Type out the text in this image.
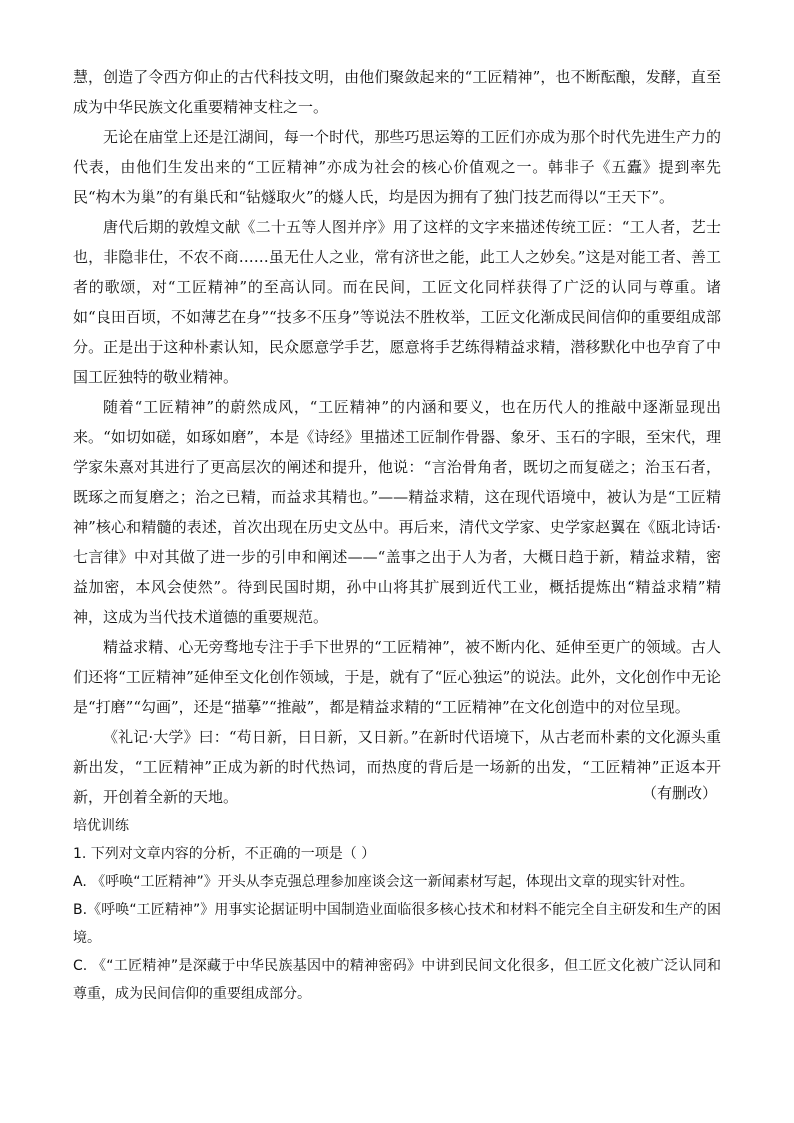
慧，创造了令西方仰止的古代科技文明，由他们聚敛起来的“工匠精神”，也不断酝酿，发酵，直至成为中华民族文化重要精神支柱之一。

无论在庙堂上还是江湖间，每一个时代，那些巧思运筹的工匠们亦成为那个时代先进生产力的代表，由他们生发出来的“工匠精神”亦成为社会的核心价值观之一。韩非子《五蠹》提到率先民“构木为巢”的有巢氏和“钻燧取火”的燧人氏，均是因为拥有了独门技艺而得以“王天下”。

唐代后期的敦煌文献《二十五等人图并序》用了这样的文字来描述传统工匠：“工人者，艺士也，非隐非仕，不农不商……虽无仕人之业，常有济世之能，此工人之妙矣。”这是对能工者、善工者的歌颂，对“工匠精神”的至高认同。而在民间，工匠文化同样获得了广泛的认同与尊重。诸如“良田百顷，不如薄艺在身”“技多不压身”等说法不胜枚举，工匠文化渐成民间信仰的重要组成部分。正是出于这种朴素认知，民众愿意学手艺，愿意将手艺练得精益求精，潜移默化中也孕育了中国工匠独特的敬业精神。

随着“工匠精神”的蔚然成风，“工匠精神”的内涵和要义，也在历代人的推敲中逐渐显现出来。“如切如磋，如琢如磨”，本是《诗经》里描述工匠制作骨器、象牙、玉石的字眼，至宋代，理学家朱熹对其进行了更高层次的阐述和提升，他说：“言治骨角者，既切之而复磋之；治玉石者，既琢之而复磨之；治之已精，而益求其精也。”——精益求精，这在现代语境中，被认为是“工匠精神”核心和精髓的表述，首次出现在历史文丛中。再后来，清代文学家、史学家赵翼在《瓯北诗话·七言律》中对其做了进一步的引申和阐述——“盖事之出于人为者，大概日趋于新，精益求精，密益加密，本风会使然”。待到民国时期，孙中山将其扩展到近代工业，概括提炼出“精益求精”精神，这成为当代技术道德的重要规范。

精益求精、心无旁骛地专注于手下世界的“工匠精神”，被不断内化、延伸至更广的领域。古人们还将“工匠精神”延伸至文化创作领域，于是，就有了“匠心独运”的说法。此外，文化创作中无论是“打磨”“勾画”，还是“描摹”“推敲”，都是精益求精的“工匠精神”在文化创造中的对位呈现。

《礼记·大学》曰：“苟日新，日日新，又日新。”在新时代语境下，从古老而朴素的文化源头重新出发，“工匠精神”正成为新的时代热词，而热度的背后是一场新的出发，“工匠精神”正返本开新，开创着全新的天地。	（有删改）

培优训练

1. 下列对文章内容的分析，不正确的一项是（ ）

A. 《呼唤“工匠精神”》开头从李克强总理参加座谈会这一新闻素材写起，体现出文章的现实针对性。

B.《呼唤“工匠精神”》用事实论据证明中国制造业面临很多核心技术和材料不能完全自主研发和生产的困境。

C. 《“工匠精神”是深藏于中华民族基因中的精神密码》中讲到民间文化很多，但工匠文化被广泛认同和尊重，成为民间信仰的重要组成部分。
